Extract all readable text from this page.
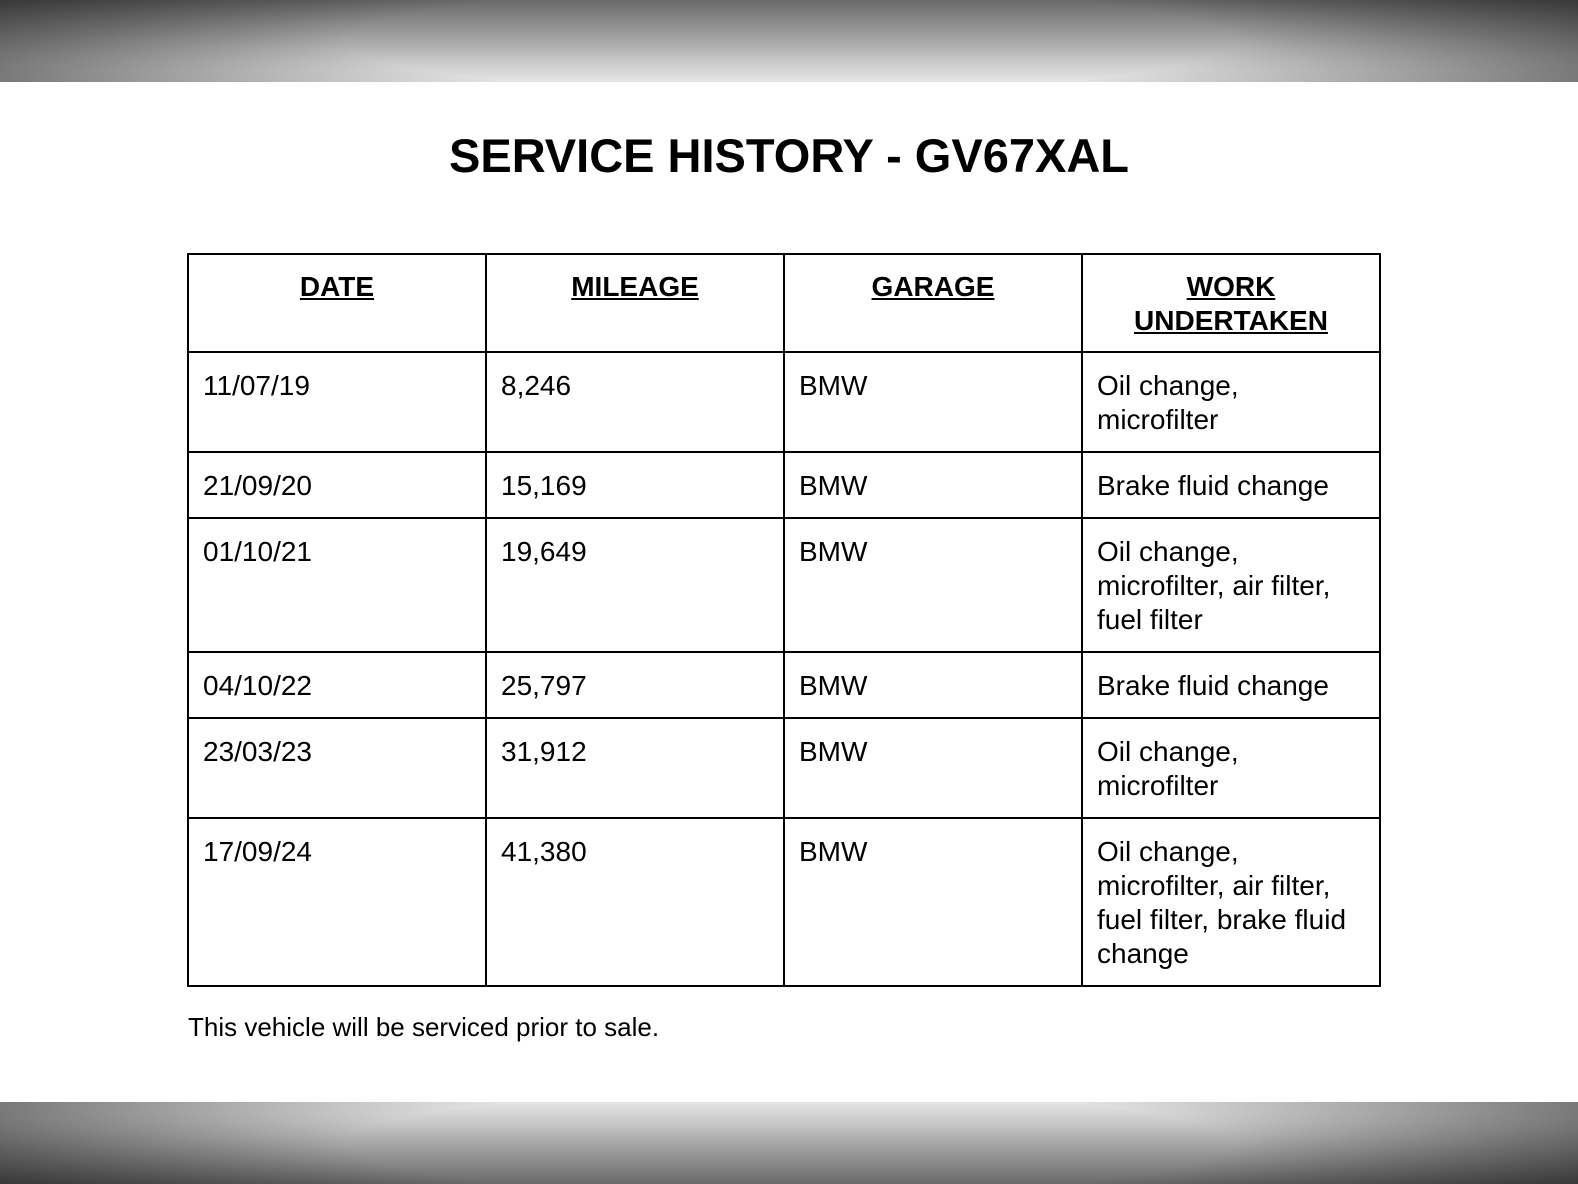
SERVICE HISTORY - GV67XAL
DATE	MILEAGE	GARAGE	WORK UNDERTAKEN
11/07/19	8,246	BMW	Oil change, microfilter
21/09/20	15,169	BMW	Brake fluid change
01/10/21	19,649	BMW	Oil change, microfilter, air filter, fuel filter
04/10/22	25,797	BMW	Brake fluid change
23/03/23	31,912	BMW	Oil change, microfilter
17/09/24	41,380	BMW	Oil change, microfilter, air filter, fuel filter, brake fluid change

This vehicle will be serviced prior to sale.
